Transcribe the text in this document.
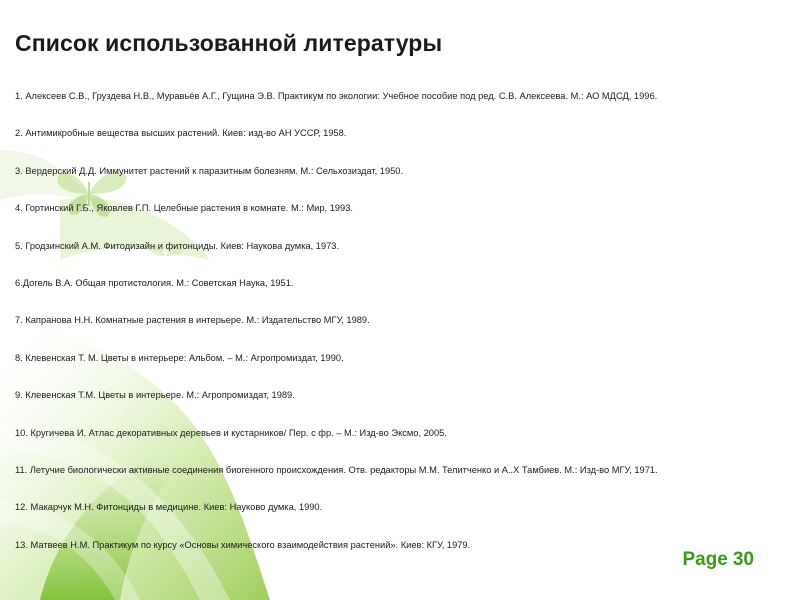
Список использованной литературы
1. Алексеев С.В., Груздева Н.В., Муравьёв А.Г., Гущина Э.В. Практикум по экологии: Учебное пособие под ред. С.В. Алексеева. М.: АО МДСД, 1996.
2. Антимикробные вещества высших растений. Киев: изд-во АН УССР, 1958.
3. Вердерский Д.Д. Иммунитет растений к паразитным болезням. М.: Сельхозиздат, 1950.
4. Гортинский Г.Б., Яковлев Г.П. Целебные растения в комнате. М.: Мир, 1993.
5. Гродзинский А.М. Фитодизайн и фитонциды. Киев: Наукова думка, 1973.
6.Догель В.А. Общая протистология. М.: Советская Наука, 1951.
7. Капранова Н.Н. Комнатные растения в интерьере. М.: Издательство МГУ, 1989.
8. Клевенская Т. М. Цветы в интерьере: Альбом. – М.: Агропромиздат, 1990.
9. Клевенская Т.М. Цветы в интерьере. М.: Агропромиздат, 1989.
10. Кругичева И. Атлас декоративных деревьев и кустарников/ Пер. с фр. – М.: Изд-во Эксмо, 2005.
11. Летучие биологически активные соединения биогенного происхождения. Отв. редакторы М.М. Телитченко и А..Х Тамбиев. М.: Изд-во МГУ, 1971.
12. Макарчук М.Н. Фитонциды в медицине. Киев: Науково думка, 1990.
13. Матвеев Н.М. Практикум по курсу «Основы химического взаимодействия растений». Киев: КГУ, 1979.
Page 30
